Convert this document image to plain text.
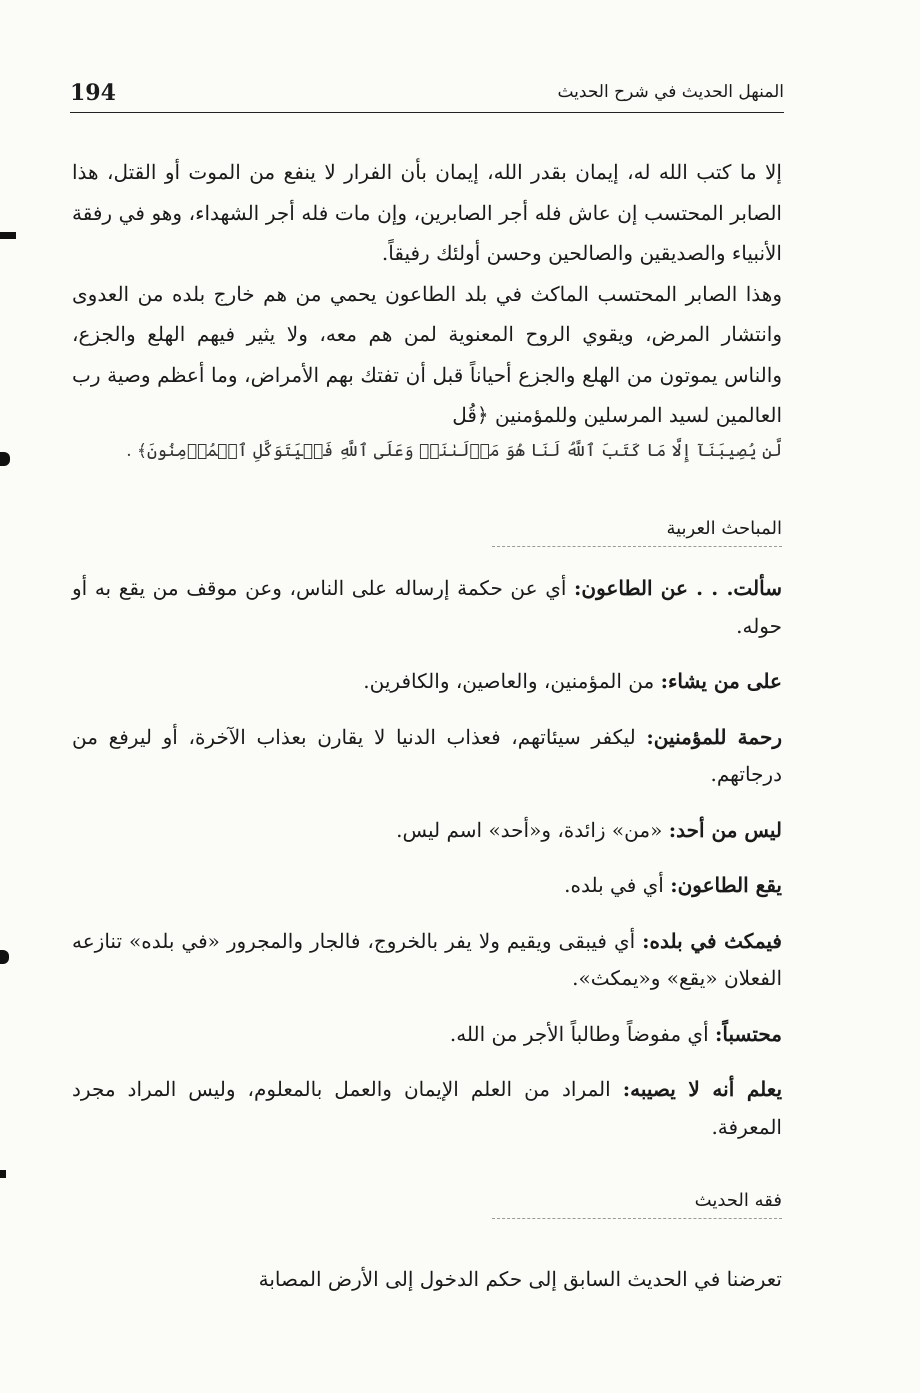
194	المنهل الحديث في شرح الحديث

إلا ما كتب الله له، إيمان بقدر الله، إيمان بأن الفرار لا ينفع من الموت أو القتل، هذا الصابر المحتسب إن عاش فله أجر الصابرين، وإن مات فله أجر الشهداء، وهو في رفقة الأنبياء والصديقين والصالحين وحسن أولئك رفيقاً.

وهذا الصابر المحتسب الماكث في بلد الطاعون يحمي من هم خارج بلده من العدوى وانتشار المرض، ويقوي الروح المعنوية لمن هم معه، ولا يثير فيهم الهلع والجزع، والناس يموتون من الهلع والجزع أحياناً قبل أن تفتك بهم الأمراض، وما أعظم وصية رب العالمين لسيد المرسلين وللمؤمنين ﴿قُل

لَّن يُصِيبَنَآ إِلَّا مَا كَتَبَ ٱللَّهُ لَنَا هُوَ مَوۡلَىٰنَاۚ وَعَلَى ٱللَّهِ فَلۡيَتَوَكَّلِ ٱلۡمُؤۡمِنُونَ﴾ .

المباحث العربية

سألت. . . عن الطاعون: أي عن حكمة إرساله على الناس، وعن موقف من يقع به أو حوله.

على من يشاء: من المؤمنين، والعاصين، والكافرين.

رحمة للمؤمنين: ليكفر سيئاتهم، فعذاب الدنيا لا يقارن بعذاب الآخرة، أو ليرفع من درجاتهم.

ليس من أحد: «من» زائدة، و«أحد» اسم ليس.

يقع الطاعون: أي في بلده.

فيمكث في بلده: أي فيبقى ويقيم ولا يفر بالخروج، فالجار والمجرور «في بلده» تنازعه الفعلان «يقع» و«يمكث».

محتسباً: أي مفوضاً وطالباً الأجر من الله.

يعلم أنه لا يصيبه: المراد من العلم الإيمان والعمل بالمعلوم، وليس المراد مجرد المعرفة.

فقه الحديث

تعرضنا في الحديث السابق إلى حكم الدخول إلى الأرض المصابة
